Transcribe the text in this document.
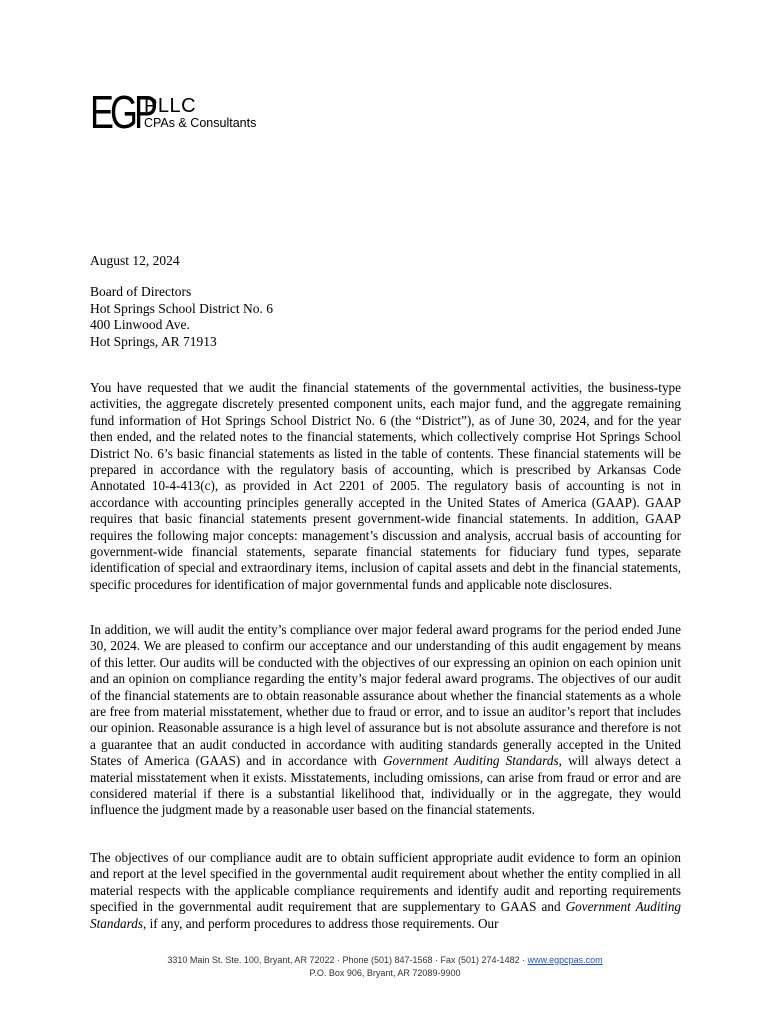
EGP
PLLC
CPAs & Consultants
August 12, 2024
Board of Directors
Hot Springs School District No. 6
400 Linwood Ave.
Hot Springs, AR 71913
You have requested that we audit the financial statements of the governmental activities, the business-type activities, the aggregate discretely presented component units, each major fund, and the aggregate remaining fund information of Hot Springs School District No. 6 (the “District”), as of June 30, 2024, and for the year then ended, and the related notes to the financial statements, which collectively comprise Hot Springs School District No. 6’s basic financial statements as listed in the table of contents. These financial statements will be prepared in accordance with the regulatory basis of accounting, which is prescribed by Arkansas Code Annotated 10-4-413(c), as provided in Act 2201 of 2005. The regulatory basis of accounting is not in accordance with accounting principles generally accepted in the United States of America (GAAP). GAAP requires that basic financial statements present government-wide financial statements. In addition, GAAP requires the following major concepts: management’s discussion and analysis, accrual basis of accounting for government-wide financial statements, separate financial statements for fiduciary fund types, separate identification of special and extraordinary items, inclusion of capital assets and debt in the financial statements, specific procedures for identification of major governmental funds and applicable note disclosures.
In addition, we will audit the entity’s compliance over major federal award programs for the period ended June 30, 2024. We are pleased to confirm our acceptance and our understanding of this audit engagement by means of this letter. Our audits will be conducted with the objectives of our expressing an opinion on each opinion unit and an opinion on compliance regarding the entity’s major federal award programs. The objectives of our audit of the financial statements are to obtain reasonable assurance about whether the financial statements as a whole are free from material misstatement, whether due to fraud or error, and to issue an auditor’s report that includes our opinion. Reasonable assurance is a high level of assurance but is not absolute assurance and therefore is not a guarantee that an audit conducted in accordance with auditing standards generally accepted in the United States of America (GAAS) and in accordance with Government Auditing Standards, will always detect a material misstatement when it exists. Misstatements, including omissions, can arise from fraud or error and are considered material if there is a substantial likelihood that, individually or in the aggregate, they would influence the judgment made by a reasonable user based on the financial statements.
The objectives of our compliance audit are to obtain sufficient appropriate audit evidence to form an opinion and report at the level specified in the governmental audit requirement about whether the entity complied in all material respects with the applicable compliance requirements and identify audit and reporting requirements specified in the governmental audit requirement that are supplementary to GAAS and Government Auditing Standards, if any, and perform procedures to address those requirements. Our
3310 Main St. Ste. 100, Bryant, AR 72022 · Phone (501) 847-1568 · Fax (501) 274-1482 · www.egpcpas.com
P.O. Box 906, Bryant, AR 72089-9900
